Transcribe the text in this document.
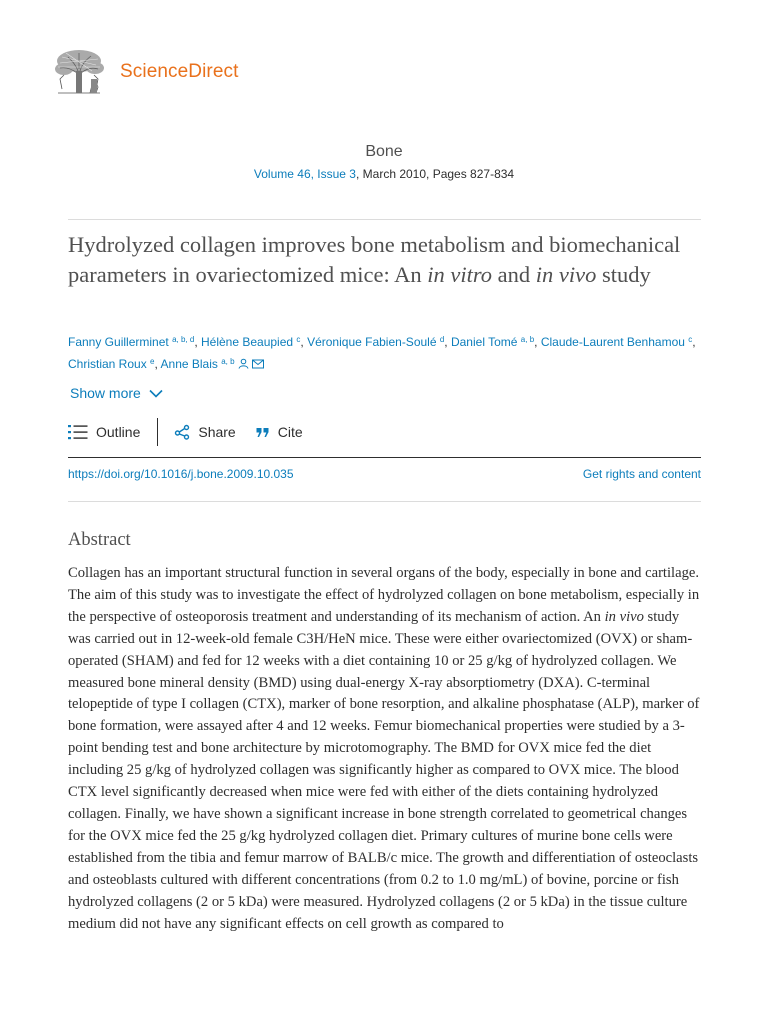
ScienceDirect
Bone
Volume 46, Issue 3, March 2010, Pages 827-834
Hydrolyzed collagen improves bone metabolism and biomechanical parameters in ovariectomized mice: An in vitro and in vivo study
Fanny Guillerminet $^{a, b, d}$, Hélène Beaupied $^c$, Véronique Fabien-Soulé $^d$, Daniel Tomé $^{a, b}$, Claude-Laurent Benhamou $^c$, Christian Roux $^e$, Anne Blais $^{a, b}$
Show more
Outline	Share	Cite
https://doi.org/10.1016/j.bone.2009.10.035	Get rights and content
Abstract

Collagen has an important structural function in several organs of the body, especially in bone and cartilage. The aim of this study was to investigate the effect of hydrolyzed collagen on bone metabolism, especially in the perspective of osteoporosis treatment and understanding of its mechanism of action. An in vivo study was carried out in 12-week-old female C3H/HeN mice. These were either ovariectomized (OVX) or sham-operated (SHAM) and fed for 12 weeks with a diet containing 10 or 25 g/kg of hydrolyzed collagen. We measured bone mineral density (BMD) using dual-energy X-ray absorptiometry (DXA). C-terminal telopeptide of type I collagen (CTX), marker of bone resorption, and alkaline phosphatase (ALP), marker of bone formation, were assayed after 4 and 12 weeks. Femur biomechanical properties were studied by a 3-point bending test and bone architecture by microtomography. The BMD for OVX mice fed the diet including 25 g/kg of hydrolyzed collagen was significantly higher as compared to OVX mice. The blood CTX level significantly decreased when mice were fed with either of the diets containing hydrolyzed collagen. Finally, we have shown a significant increase in bone strength correlated to geometrical changes for the OVX mice fed the 25 g/kg hydrolyzed collagen diet. Primary cultures of murine bone cells were established from the tibia and femur marrow of BALB/c mice. The growth and differentiation of osteoclasts and osteoblasts cultured with different concentrations (from 0.2 to 1.0 mg/mL) of bovine, porcine or fish hydrolyzed collagens (2 or 5 kDa) were measured. Hydrolyzed collagens (2 or 5 kDa) in the tissue culture medium did not have any significant effects on cell growth as compared to
